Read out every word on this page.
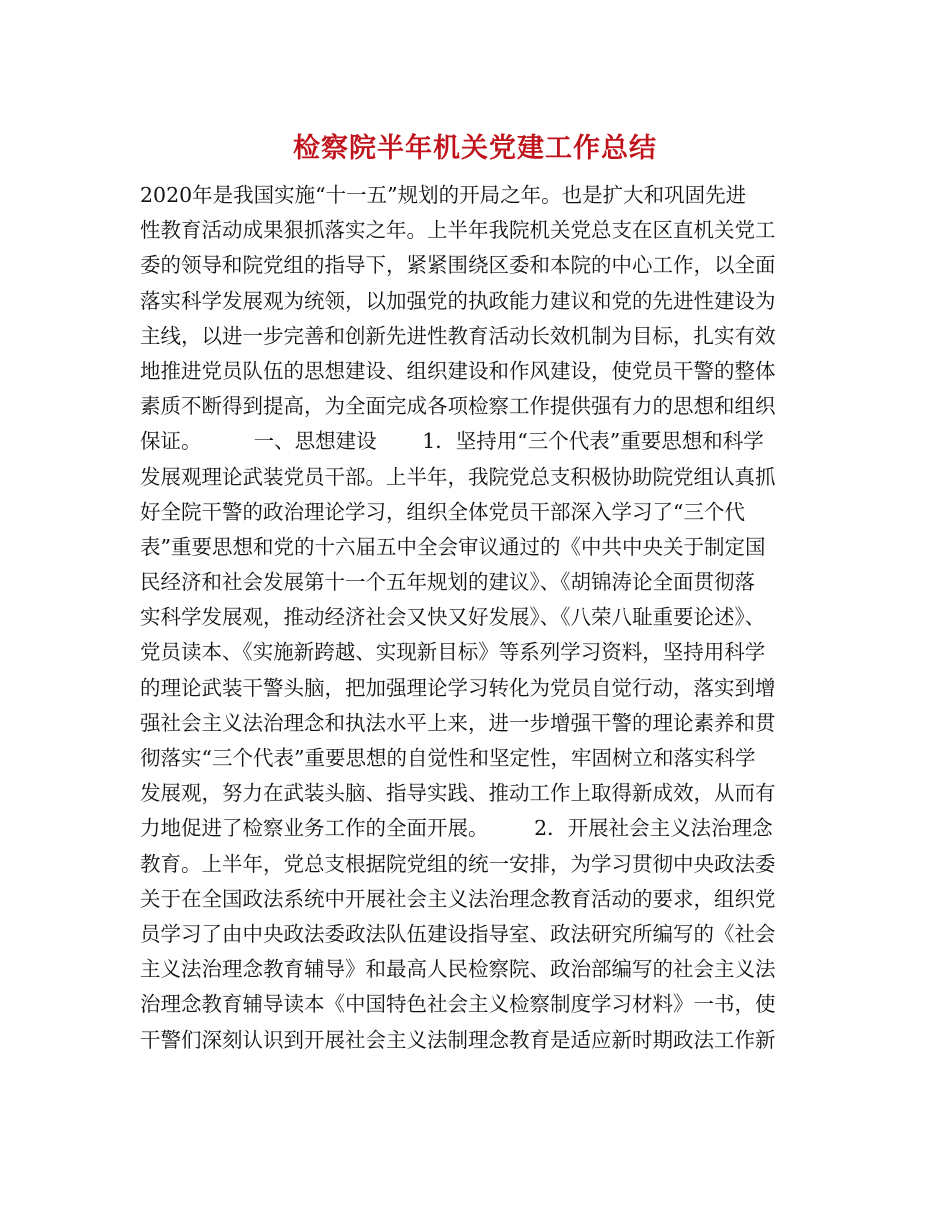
检察院半年机关党建工作总结
2020年是我国实施“十一五”规划的开局之年。也是扩大和巩固先进
性教育活动成果狠抓落实之年。上半年我院机关党总支在区直机关党工
委的领导和院党组的指导下，紧紧围绕区委和本院的中心工作，以全面
落实科学发展观为统领，以加强党的执政能力建议和党的先进性建设为
主线，以进一步完善和创新先进性教育活动长效机制为目标，扎实有效
地推进党员队伍的思想建设、组织建设和作风建设，使党员干警的整体
素质不断得到提高，为全面完成各项检察工作提供强有力的思想和组织
保证。        一、思想建设       1．坚持用“三个代表”重要思想和科学
发展观理论武装党员干部。上半年，我院党总支积极协助院党组认真抓
好全院干警的政治理论学习，组织全体党员干部深入学习了“三个代
表”重要思想和党的十六届五中全会审议通过的《中共中央关于制定国
民经济和社会发展第十一个五年规划的建议》、《胡锦涛论全面贯彻落
实科学发展观，推动经济社会又快又好发展》、《八荣八耻重要论述》、
党员读本、《实施新跨越、实现新目标》等系列学习资料，坚持用科学
的理论武装干警头脑，把加强理论学习转化为党员自觉行动，落实到增
强社会主义法治理念和执法水平上来，进一步增强干警的理论素养和贯
彻落实“三个代表”重要思想的自觉性和坚定性，牢固树立和落实科学
发展观，努力在武装头脑、指导实践、推动工作上取得新成效，从而有
力地促进了检察业务工作的全面开展。       2．开展社会主义法治理念
教育。上半年，党总支根据院党组的统一安排，为学习贯彻中央政法委
关于在全国政法系统中开展社会主义法治理念教育活动的要求，组织党
员学习了由中央政法委政法队伍建设指导室、政法研究所编写的《社会
主义法治理念教育辅导》和最高人民检察院、政治部编写的社会主义法
治理念教育辅导读本《中国特色社会主义检察制度学习材料》一书，使
干警们深刻认识到开展社会主义法制理念教育是适应新时期政法工作新
